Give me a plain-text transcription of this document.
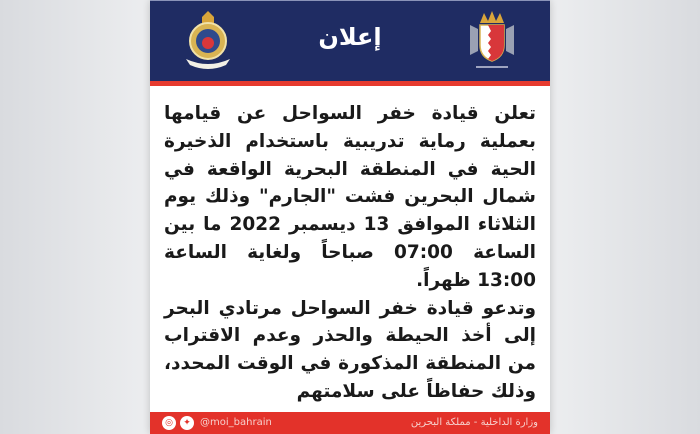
إعلان

تعلن قيادة خفر السواحل عن قيامها بعملية رماية تدريبية باستخدام الذخيرة الحية في المنطقة البحرية الواقعة في شمال البحرين فشت "الجارم" وذلك يوم الثلاثاء الموافق 13 ديسمبر 2022 ما بين الساعة 07:00 صباحاً ولغاية الساعة 13:00 ظهراً.

وتدعو قيادة خفر السواحل مرتادي البحر إلى أخذ الحيطة والحذر وعدم الاقتراب من المنطقة المذكورة في الوقت المحدد، وذلك حفاظاً على سلامتهم

◎	✦ @moi_bahrain	وزارة الداخلية - مملكة البحرين
